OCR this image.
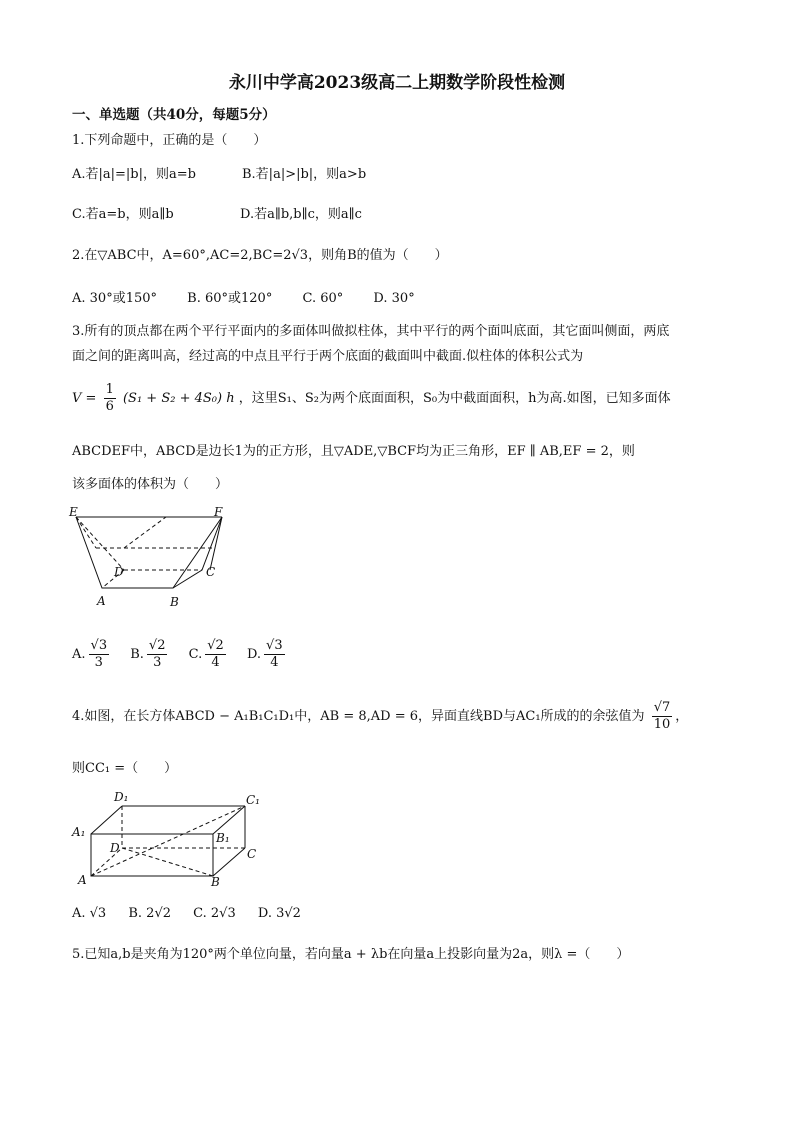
永川中学高2023级高二上期数学阶段性检测
一、单选题（共40分，每题5分）
1.下列命题中，正确的是（　　）
A.若|a|=|b|，则a=b	B.若|a|>|b|，则a>b
C.若a=b，则a∥b	D.若a∥b,b∥c，则a∥c
2.在▽ABC中，A=60°,AC=2,BC=2√3，则角B的值为（　　）
A. 30°或150° B. 60°或120° C. 60° D. 30°
3.所有的顶点都在两个平行平面内的多面体叫做拟柱体，其中平行的两个面叫底面，其它面叫侧面，两底
面之间的距离叫高，经过高的中点且平行于两个底面的截面叫中截面.似柱体的体积公式为
$V = \frac{1}{6} (S_1 + S_2 + 4S_0)$ h ，这里S₁、S₂为两个底面面积，S₀为中截面面积，h为高.如图，已知多面体
ABCDEF中，ABCD是边长1为的正方形，且▽ADE,▽BCF均为正三角形，EF ∥ AB,EF = 2，则
该多面体的体积为（　　）
E	F
D	C
A	B
A. $\frac{√3}{3} B$. $\frac{√2}{3} C$. $\frac{√2}{4} D$. $\frac{√3}{4}$
4.如图，在长方体ABCD − A₁B₁C₁D₁中，AB = 8,AD = 6，异面直线BD与AC₁所成的的余弦值为 $\frac{√7}{10}$ ，
则CC₁ =（　　）
D₁	C₁
A₁	B₁
D	C
A	B
A. √3 B. 2√2 C. 2√3 D. 3√2
5.已知a,b是夹角为120°两个单位向量，若向量a + λb在向量a上投影向量为2a，则λ =（　　）
